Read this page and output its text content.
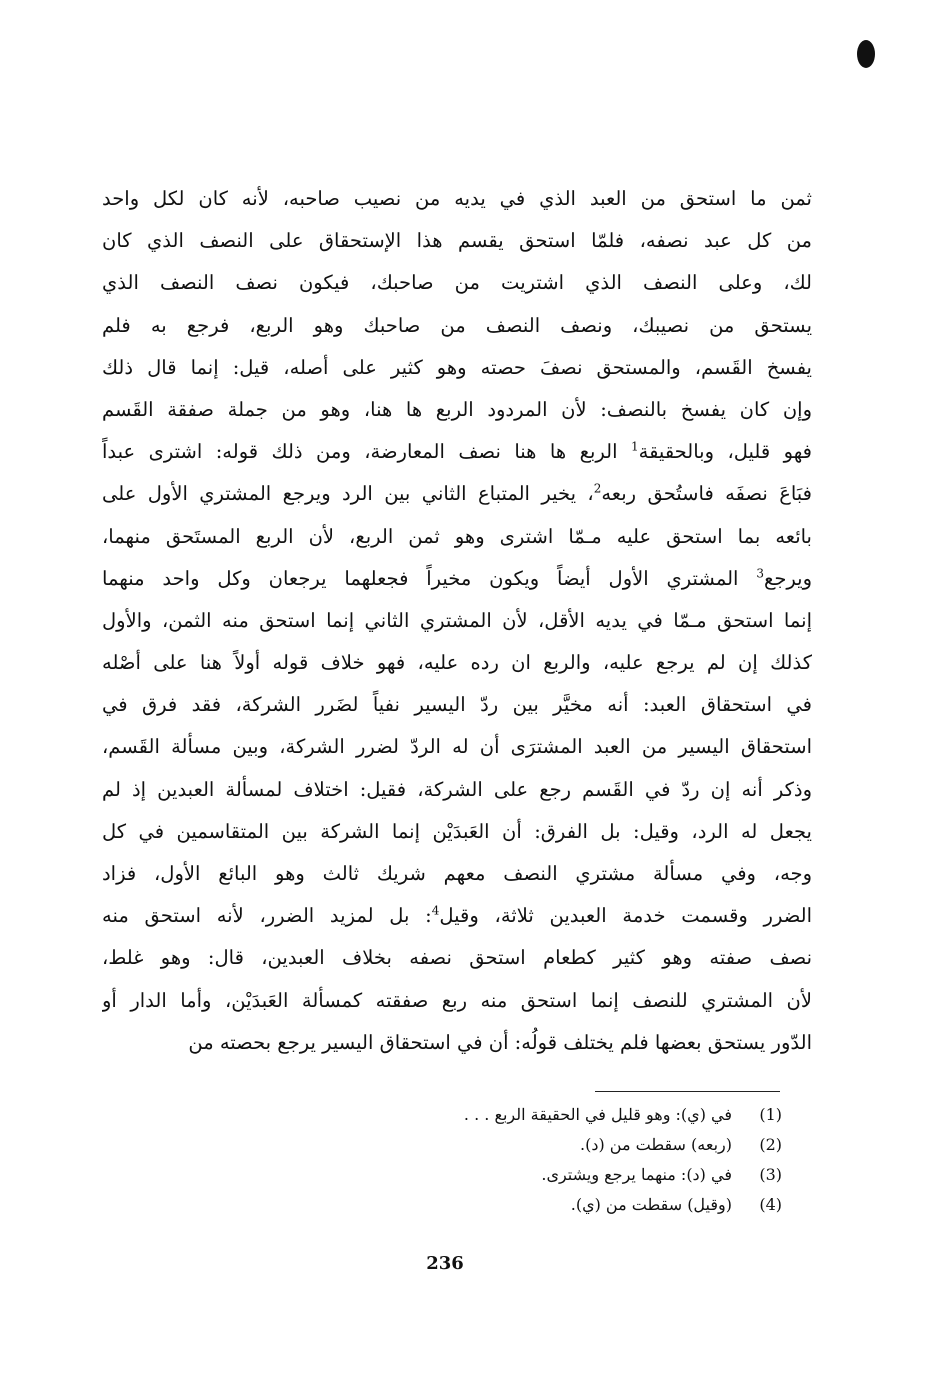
ثمن ما استحق من العبد الذي في يديه من نصيب صاحبه، لأنه كان لكل واحد
من كل عبد نصفه، فلمّا استحق يقسم هذا الإستحقاق على النصف الذي كان
لك، وعلى النصف الذي اشتريت من صاحبك، فيكون نصف النصف الذي
يستحق من نصيبك، ونصف النصف من صاحبك وهو الربع، فرجع به فلم
يفسخ القَسم، والمستحق نصفَ حصته وهو كثير على أصله، قيل: إنما قال ذلك
وإن كان يفسخ بالنصف: لأن المردود الربع ها هنا، وهو من جملة صفقة القَسم
فهو قليل، وبالحقيقة$^1$ الربع ها هنا نصف المعارضة، ومن ذلك قوله: اشترى عبداً
فبَاعَ نصفَه فاستُحق ربعه$^2$، يخير المتباع الثاني بين الرد ويرجع المشتري الأول على
بائعه بما استحق عليه مـمّا اشترى وهو ثمن الربع، لأن الربع المستَحق منهما،
ويرجع$^3$ المشتري الأول أيضاً ويكون مخيراً فجعلهما يرجعان وكل واحد منهما
إنما استحق مـمّا في يديه الأقل، لأن المشتري الثاني إنما استحق منه الثمن، والأول
كذلك إن لم يرجع عليه، والربع ان رده عليه، فهو خلاف قوله أولاً هنا على أصْله
في استحقاق العبد: أنه مخيَّر بين ردّ اليسير نفياً لضَرر الشركة، فقد فرق في
استحقاق اليسير من العبد المشترَى أن له الردّ لضرر الشركة، وبين مسألة القَسم،
وذكر أنه إن ردّ في القَسم رجع على الشركة، فقيل: اختلاف لمسألة العبدين إذ لم
يجعل له الرد، وقيل: بل الفرق: أن العَبدَيْن إنما الشركة بين المتقاسمين في كل
وجه، وفي مسألة مشتري النصف معهم شريك ثالث وهو البائع الأول، فزاد
الضرر وقسمت خدمة العبدين ثلاثة، وقيل$^4$: بل لمزيد الضرر، لأنه استحق منه
نصف صفته وهو كثير كطعام استحق نصفه بخلاف العبدين، قال: وهو غلط،
لأن المشتري للنصف إنما استحق منه ربع صفقته كمسألة العَبدَيْن، وأما الدار أو
الدّور يستحق بعضها فلم يختلف قولُه: أن في استحقاق اليسير يرجع بحصته من
(1)
في (ي): وهو قليل في الحقيقة الربع . . .
(2)
(ربعه) سقطت من (د).
(3)
في (د): منهما يرجع ويشترى.
(4)
(وقيل) سقطت من (ي).
236
